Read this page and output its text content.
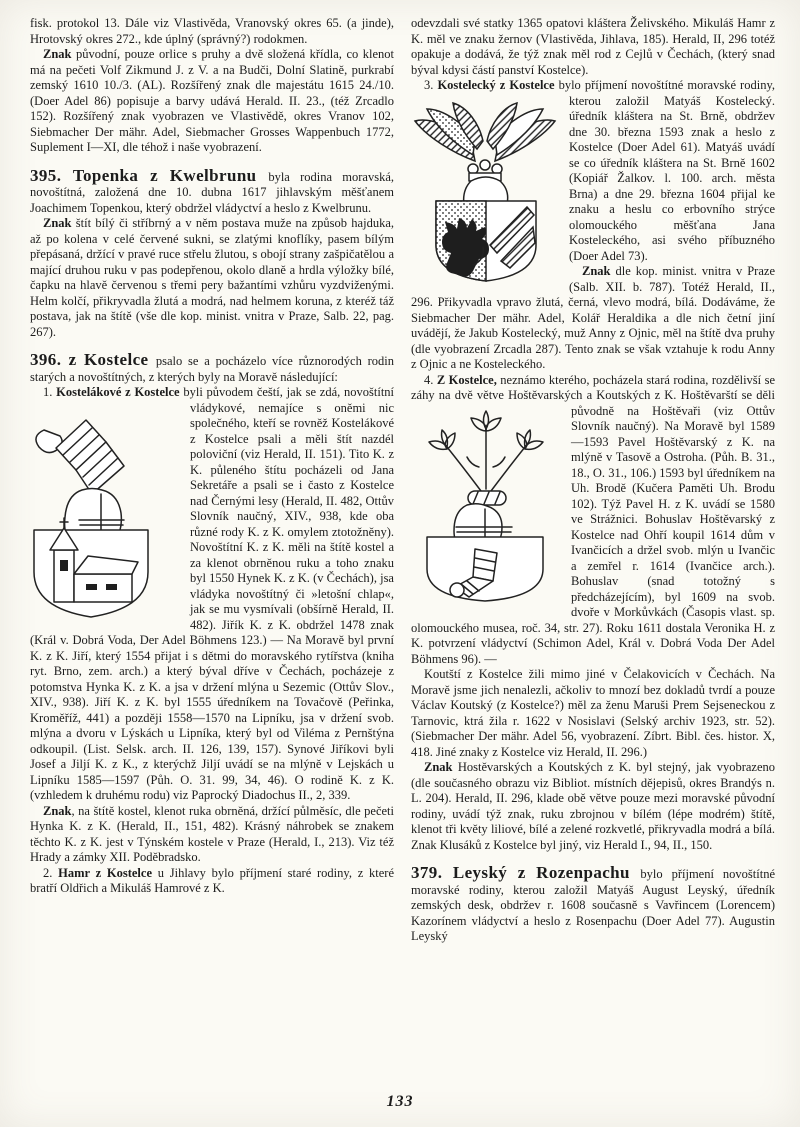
fisk. protokol 13. Dále viz Vlastivěda, Vranovský okres 65. (a jinde), Hrotovský okres 272., kde úplný (správný?) rodokmen.

Znak původní, pouze orlice s pruhy a dvě složená křídla, co klenot má na pečeti Volf Zikmund J. z V. a na Budči, Dolní Slatině, purkrabí zemský 1610 10./3. (AL). Rozšířený znak dle majestátu 1615 24./10. (Doer Adel 86) popisuje a barvy udává Herald. II. 23., (též Zrcadlo 152). Rozšířený znak vyobrazen ve Vlastivědě, okres Vranov 102, Siebmacher Der mähr. Adel, Siebmacher Grosses Wappenbuch 1772, Suplement I—XI, dle téhož i naše vyobrazení.

395. Topenka z Kwelbrunu byla rodina moravská, novoštítná, založená dne 10. dubna 1617 jihlavským měšťanem Joachimem Topenkou, který obdržel vládyctví a heslo z Kwelbrunu.

Znak štít bílý či stříbrný a v něm postava muže na způsob hajduka, až po kolena v celé červené sukni, se zlatými knoflíky, pasem bílým přepásaná, držící v pravé ruce střelu žlutou, s obojí strany zašpičatělou a mající druhou ruku v pas podepřenou, okolo dlaně a hrdla výložky bílé, čapku na hlavě červenou s třemi pery bažantími vzhůru vyzdviženými. Helm kolčí, přikryvadla žlutá a modrá, nad helmem koruna, z kteréž táž postava, jak na štítě (vše dle kop. minist. vnitra v Praze, Salb. 22, pag. 267).

396. z Kostelce psalo se a pocházelo více různorodých rodin starých a novoštítných, z kterých byly na Moravě následující:

1. Kostelákové z Kostelce byli původem čeští, jak
se zdá, novoštítní vládykové, nemajíce s oněmi nic společného, kteří se rovněž Kostelákové z Kostelce psali a měli štít nazdél poloviční (viz Herald, II. 151). Tito K. z K. půleného štítu pocházeli od Jana Sekretáře a psali se i často z Kostelce nad Černými lesy (Herald, II. 482, Ottův Slovník naučný, XIV., 938, kde oba různé rody K. z K. omylem ztotožněny). Novoštítní K. z K. měli na štítě kostel a za klenot obrněnou ruku a toho znaku byl 1550 Hynek K. z K. (v Čechách), jsa vládyka novoštítný či »letošní chlap«, jak se mu vysmívali (obšírně Herald, II. 482). Jiřík K. z K. obdržel 1478 znak (Král v. Dobrá Voda, Der Adel Böhmens 123.) — Na Moravě byl první K. z K. Jiří, který 1554 přijat i s dětmi do moravského rytířstva (kniha ryt. Brno, zem. arch.) a který býval dříve v Čechách, pocházeje z potomstva Hynka K. z K. a jsa v držení mlýna u Sezemic (Ottův Slov., XIV., 938). Jiří K. z K. byl 1555 úředníkem na Tovačově (Peřinka, Kroměříž, 441) a později 1558—1570 na Lipníku, jsa v držení svob. mlýna a dvoru v Lýskách u Lipníka, který byl od Viléma z Pernštýna odkoupil. (List. Selsk. arch. II. 126, 139, 157). Synové Jiříkovi byli Josef a Jiljí K. z K., z kterýchž Jiljí uvádí se na mlýně v Lejskách u Lipníku 1585—1597 (Půh. O. 31. 99, 34, 46). O rodině K. z K. (vzhledem k druhému rodu) viz Paprocký Diadochus II., 2, 339.

Znak, na štítě kostel, klenot ruka obrněná, držící půlměsíc, dle pečeti Hynka K. z K. (Herald, II., 151, 482). Krásný náhrobek se znakem těchto K. z K. jest v Týnském kostele v Praze (Herald, I., 213). Viz též Hrady a zámky XII. Poděbradsko.

2. Hamr z Kostelce u Jihlavy bylo příjmení staré rodiny, z které bratří Oldřich a Mikuláš Hamrové z K.

odevzdali své statky 1365 opatovi kláštera Želivského. Mikuláš Hamr z K. měl ve znaku žernov (Vlastivěda, Jihlava, 185). Herald, II, 296 totéž opakuje a dodává, že týž znak měl rod z Cejlů v Čechách, (který snad býval kdysi částí panství Kostelce).

3. Kostelecký z Kostelce bylo příjmení novoštítné
moravské rodiny, kterou založil Matyáš Kostelecký. úředník kláštera na St. Brně, obdržev dne 30. března 1593 znak a heslo z Kostelce (Doer Adel 61). Matyáš uvádí se co úředník kláštera na St. Brně 1602 (Kopiář Žalkov. l. 100. arch. města Brna) a dne 29. března 1604 přijal ke znaku a heslu co erbovního strýce olomouckého měšťana Jana Kosteleckého, asi svého příbuzného (Doer Adel 73).

Znak dle kop. minist. vnitra v Praze (Salb. XII. b. 787). Totéž Herald, II., 296. Přikyvadla vpravo žlutá, černá, vlevo modrá, bílá. Dodáváme, že Siebmacher Der mähr. Adel, Kolář Heraldika a dle nich četní jiní uvádějí, že Jakub Kostelecký, muž Anny z Ojnic, měl na štítě dva pruhy (dle vyobrazení Zrcadla 287). Tento znak se však vztahuje k rodu Anny z Ojnic a ne Kosteleckého.

4. Z Kostelce, neznámo kterého, pocházela stará rodina, rozdělivší se záhy na dvě větve Hoštěvarských a Koutských z K. Hoštěvarští se
děli původně na Hoštěvaři (viz Ottův Slovník naučný). Na Moravě byl 1589—1593 Pavel Hoštěvarský z K. na mlýně v Tasově a Ostroha. (Půh. B. 31., 18., O. 31., 106.) 1593 byl úředníkem na Uh. Brodě (Kučera Paměti Uh. Brodu 102). Týž Pavel H. z K. uvádí se 1580 ve Strážnici. Bohuslav Hoštěvarský z Kostelce nad Ohří koupil 1614 dům v Ivančicích a držel svob. mlýn u Ivančic a zemřel r. 1614 (Ivančice arch.). Bohuslav (snad totožný s předcházejícím), byl 1609 na svob. dvoře v Morkůvkách (Časopis vlast. sp. olomouckého musea, roč. 34, str. 27). Roku 1611 dostala Veronika H. z K. potvrzení vládyctví (Schimon Adel, Král v. Dobrá Voda Der Adel Böhmens 96). —

Koutští z Kostelce žili mimo jiné v Čelakovicích v Čechách. Na Moravě jsme jich nenalezli, ačkoliv to mnozí bez dokladů tvrdí a pouze Václav Koutský (z Kostelce?) měl za ženu Maruši Prem Sejseneckou z Tarnovic, ktrá žila r. 1622 v Nosislavi (Selský archiv 1923, str. 52). (Siebmacher Der mähr. Adel 56, vyobrazení. Zíbrt. Bibl. čes. histor. X, 418. Jiné znaky z Kostelce viz Herald, II. 296.)

Znak Hostěvarských a Koutských z K. byl stejný, jak vyobrazeno (dle současného obrazu viz Bibliot. místních dějepisů, okres Brandýs n. L. 204). Herald, II. 296, klade obě větve pouze mezi moravské původní rodiny, uvádí týž znak, ruku zbrojnou v bílém (lépe modrém) štítě, klenot tři květy liliové, bílé a zelené rozkvetlé, přikryvadla modrá a bílá. Znak Klusáků z Kostelce byl jiný, viz Herald I., 94, II., 150.

379. Leyský z Rozenpachu bylo příjmení novoštítné moravské rodiny, kterou založil Matyáš August Leyský, úředník zemských desk, obdržev r. 1608 současně s Vavřincem (Lorencem) Kazorínem vládyctví a heslo z Rosenpachu (Doer Adel 77). Augustin Leyský

133
